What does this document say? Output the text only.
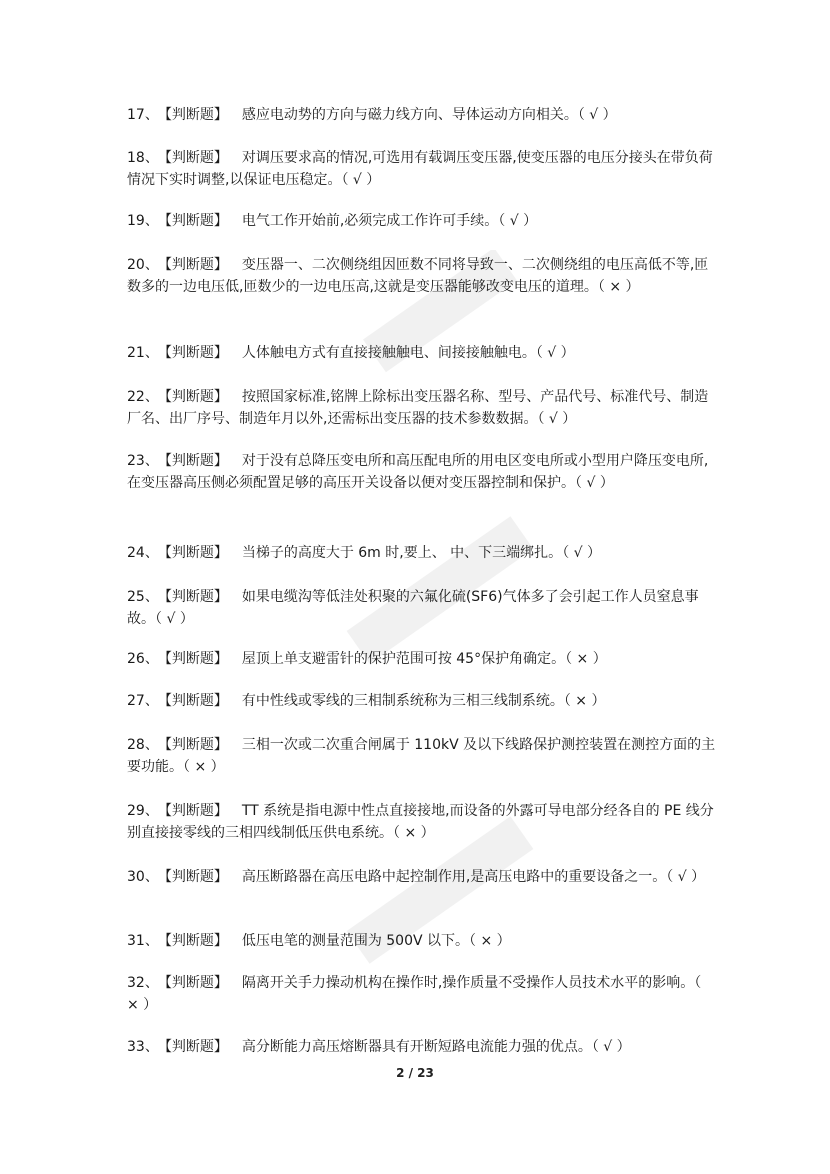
17、 【判断题】 感应电动势的方向与磁力线方向、导体运动方向相关。（ √ ）

18、 【判断题】 对调压要求高的情况,可选用有载调压变压器,使变压器的电压分接头在带负荷情况下实时调整,以保证电压稳定。（ √ ）

19、 【判断题】 电气工作开始前,必须完成工作许可手续。（ √ ）

20、 【判断题】 变压器一、二次侧绕组因匝数不同将导致一、二次侧绕组的电压高低不等,匝数多的一边电压低,匝数少的一边电压高,这就是变压器能够改变电压的道理。（ × ）

21、 【判断题】 人体触电方式有直接接触触电、间接接触触电。（ √ ）

22、 【判断题】 按照国家标准,铭牌上除标出变压器名称、型号、产品代号、标准代号、制造厂名、出厂序号、制造年月以外,还需标出变压器的技术参数数据。（ √ ）

23、 【判断题】 对于没有总降压变电所和高压配电所的用电区变电所或小型用户降压变电所,在变压器高压侧必须配置足够的高压开关设备以便对变压器控制和保护。（ √ ）

24、 【判断题】 当梯子的高度大于 6m 时,要上、 中、下三端绑扎。（ √ ）

25、 【判断题】 如果电缆沟等低洼处积聚的六氟化硫(SF6)气体多了会引起工作人员窒息事故。（ √ ）

26、 【判断题】 屋顶上单支避雷针的保护范围可按 45°保护角确定。（ × ）

27、 【判断题】 有中性线或零线的三相制系统称为三相三线制系统。（ × ）

28、 【判断题】 三相一次或二次重合闸属于 110kV 及以下线路保护测控装置在测控方面的主要功能。（ × ）

29、 【判断题】 TT 系统是指电源中性点直接接地,而设备的外露可导电部分经各自的 PE 线分别直接接零线的三相四线制低压供电系统。（ × ）

30、 【判断题】 高压断路器在高压电路中起控制作用,是高压电路中的重要设备之一。（ √ ）

31、 【判断题】 低压电笔的测量范围为 500V 以下。（ × ）

32、 【判断题】 隔离开关手力操动机构在操作时,操作质量不受操作人员技术水平的影响。（ × ）

33、 【判断题】 高分断能力高压熔断器具有开断短路电流能力强的优点。（ √ ）

2 / 23
